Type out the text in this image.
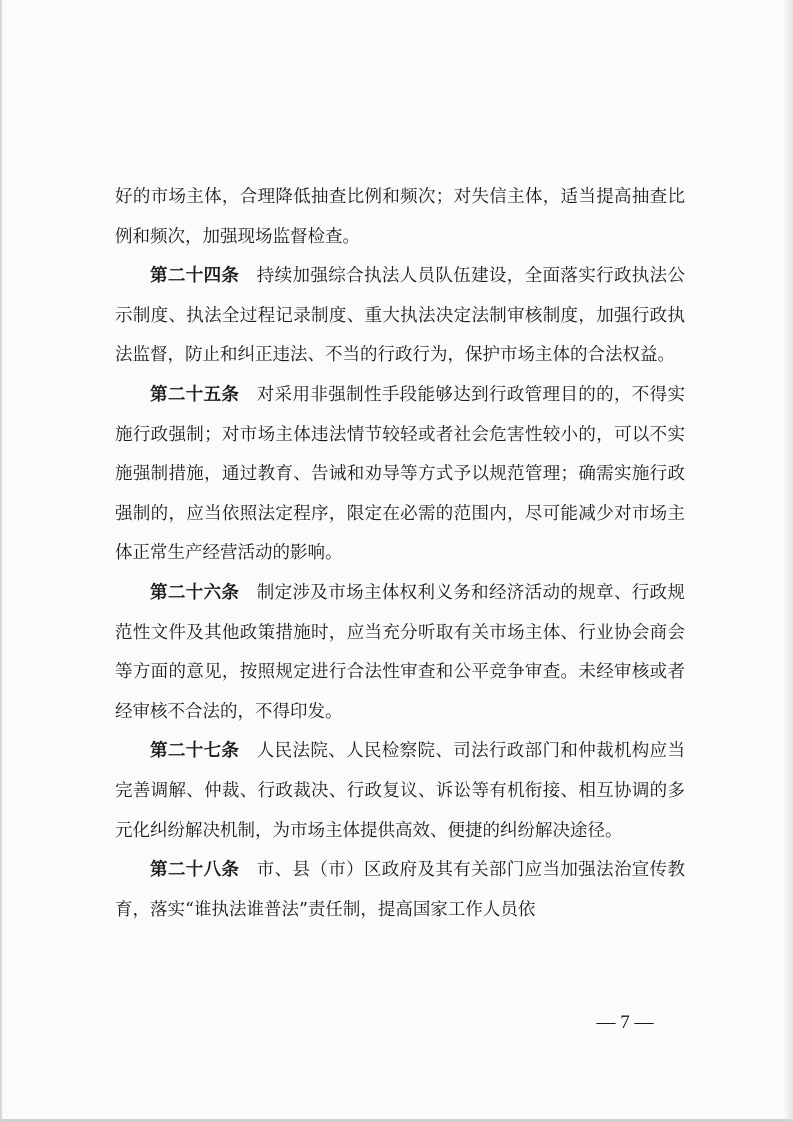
好的市场主体，合理降低抽查比例和频次；对失信主体，适当提高抽查比例和频次，加强现场监督检查。

第二十四条 持续加强综合执法人员队伍建设，全面落实行政执法公示制度、执法全过程记录制度、重大执法决定法制审核制度，加强行政执法监督，防止和纠正违法、不当的行政行为，保护市场主体的合法权益。

第二十五条 对采用非强制性手段能够达到行政管理目的的，不得实施行政强制；对市场主体违法情节较轻或者社会危害性较小的，可以不实施强制措施，通过教育、告诫和劝导等方式予以规范管理；确需实施行政强制的，应当依照法定程序，限定在必需的范围内，尽可能减少对市场主体正常生产经营活动的影响。

第二十六条 制定涉及市场主体权利义务和经济活动的规章、行政规范性文件及其他政策措施时，应当充分听取有关市场主体、行业协会商会等方面的意见，按照规定进行合法性审查和公平竞争审查。未经审核或者经审核不合法的，不得印发。

第二十七条 人民法院、人民检察院、司法行政部门和仲裁机构应当完善调解、仲裁、行政裁决、行政复议、诉讼等有机衔接、相互协调的多元化纠纷解决机制，为市场主体提供高效、便捷的纠纷解决途径。

第二十八条 市、县（市）区政府及其有关部门应当加强法治宣传教育，落实“谁执法谁普法”责任制，提高国家工作人员依

— 7 —
